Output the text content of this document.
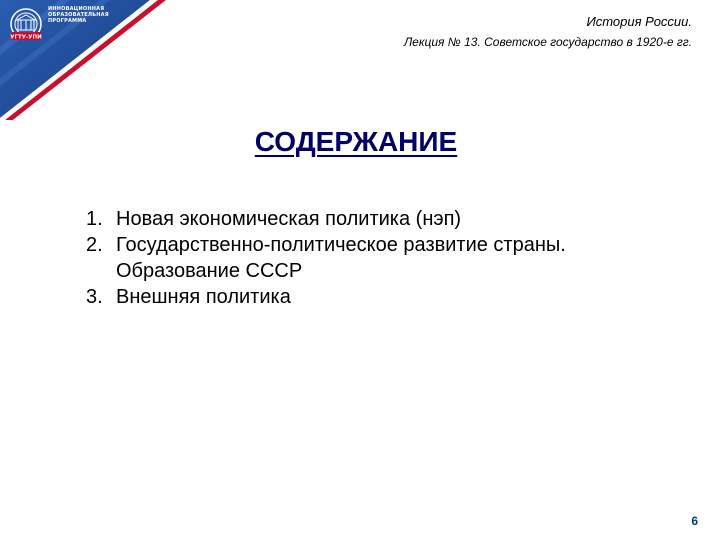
УГТУ-УПИ
ИННОВАЦИОННАЯ
ОБРАЗОВАТЕЛЬНАЯ
ПРОГРАММА	История России.
Лекция № 13. Советское государство в 1920-е гг.
СОДЕРЖАНИЕ
1. Новая экономическая политика (нэп)
2. Государственно-политическое развитие страны.
Образование СССР
3. Внешняя политика
6
